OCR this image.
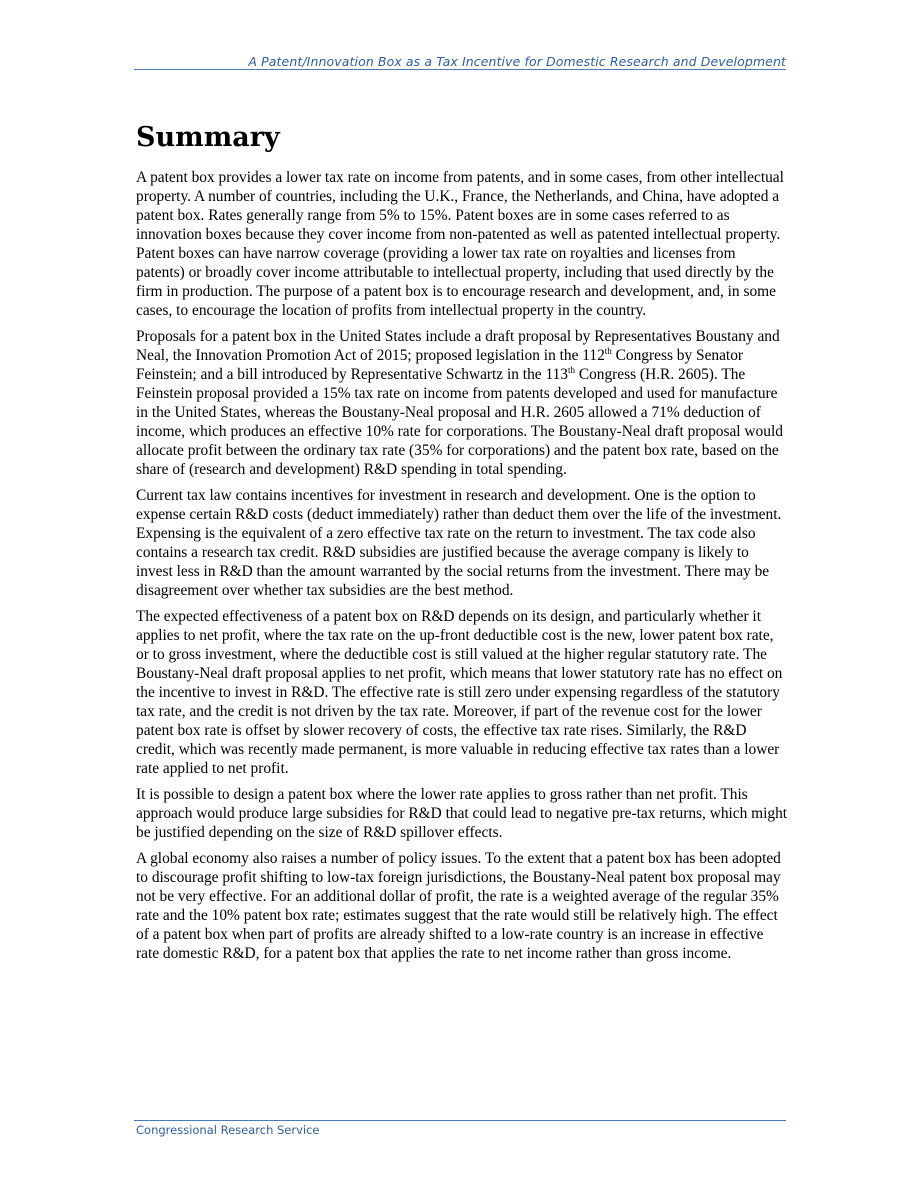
A Patent/Innovation Box as a Tax Incentive for Domestic Research and Development
Summary

A patent box provides a lower tax rate on income from patents, and in some cases, from other intellectual property. A number of countries, including the U.K., France, the Netherlands, and China, have adopted a patent box. Rates generally range from 5% to 15%. Patent boxes are in some cases referred to as innovation boxes because they cover income from non-patented as well as patented intellectual property. Patent boxes can have narrow coverage (providing a lower tax rate on royalties and licenses from patents) or broadly cover income attributable to intellectual property, including that used directly by the firm in production. The purpose of a patent box is to encourage research and development, and, in some cases, to encourage the location of profits from intellectual property in the country.

Proposals for a patent box in the United States include a draft proposal by Representatives Boustany and Neal, the Innovation Promotion Act of 2015; proposed legislation in the 112th Congress by Senator Feinstein; and a bill introduced by Representative Schwartz in the 113th Congress (H.R. 2605). The Feinstein proposal provided a 15% tax rate on income from patents developed and used for manufacture in the United States, whereas the Boustany-Neal proposal and H.R. 2605 allowed a 71% deduction of income, which produces an effective 10% rate for corporations. The Boustany-Neal draft proposal would allocate profit between the ordinary tax rate (35% for corporations) and the patent box rate, based on the share of (research and development) R&D spending in total spending.

Current tax law contains incentives for investment in research and development. One is the option to expense certain R&D costs (deduct immediately) rather than deduct them over the life of the investment. Expensing is the equivalent of a zero effective tax rate on the return to investment. The tax code also contains a research tax credit. R&D subsidies are justified because the average company is likely to invest less in R&D than the amount warranted by the social returns from the investment. There may be disagreement over whether tax subsidies are the best method.

The expected effectiveness of a patent box on R&D depends on its design, and particularly whether it applies to net profit, where the tax rate on the up-front deductible cost is the new, lower patent box rate, or to gross investment, where the deductible cost is still valued at the higher regular statutory rate. The Boustany-Neal draft proposal applies to net profit, which means that lower statutory rate has no effect on the incentive to invest in R&D. The effective rate is still zero under expensing regardless of the statutory tax rate, and the credit is not driven by the tax rate. Moreover, if part of the revenue cost for the lower patent box rate is offset by slower recovery of costs, the effective tax rate rises. Similarly, the R&D credit, which was recently made permanent, is more valuable in reducing effective tax rates than a lower rate applied to net profit.

It is possible to design a patent box where the lower rate applies to gross rather than net profit. This approach would produce large subsidies for R&D that could lead to negative pre-tax returns, which might be justified depending on the size of R&D spillover effects.

A global economy also raises a number of policy issues. To the extent that a patent box has been adopted to discourage profit shifting to low-tax foreign jurisdictions, the Boustany-Neal patent box proposal may not be very effective. For an additional dollar of profit, the rate is a weighted average of the regular 35% rate and the 10% patent box rate; estimates suggest that the rate would still be relatively high. The effect of a patent box when part of profits are already shifted to a low-rate country is an increase in effective rate domestic R&D, for a patent box that applies the rate to net income rather than gross income.

Congressional Research Service
